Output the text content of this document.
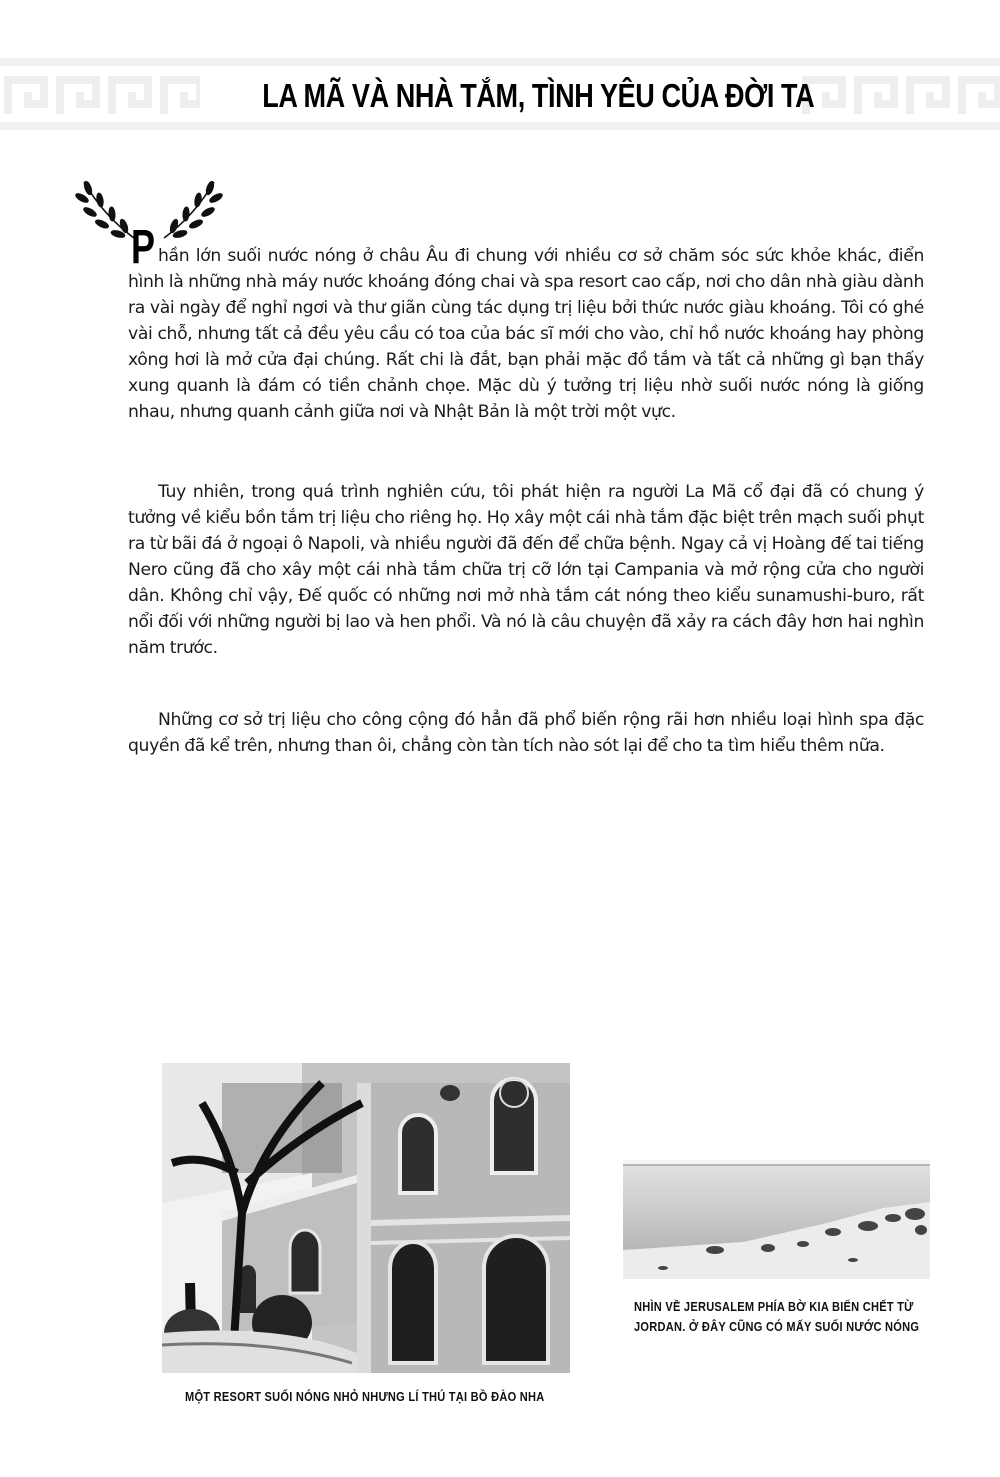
LA MÃ VÀ NHÀ TẮM, TÌNH YÊU CỦA ĐỜI TA
P hần lớn suối nước nóng ở châu Âu đi chung với nhiều cơ sở chăm sóc sức khỏe khác, điển hình là những nhà máy nước khoáng đóng chai và spa resort cao cấp, nơi cho dân nhà giàu dành ra vài ngày để nghỉ ngơi và thư giãn cùng tác dụng trị liệu bởi thức nước giàu khoáng. Tôi có ghé vài chỗ, nhưng tất cả đều yêu cầu có toa của bác sĩ mới cho vào, chỉ hồ nước khoáng hay phòng xông hơi là mở cửa đại chúng. Rất chi là đắt, bạn phải mặc đồ tắm và tất cả những gì bạn thấy xung quanh là đám có tiền chảnh chọe. Mặc dù ý tưởng trị liệu nhờ suối nước nóng là giống nhau, nhưng quanh cảnh giữa nơi và Nhật Bản là một trời một vực.

Tuy nhiên, trong quá trình nghiên cứu, tôi phát hiện ra người La Mã cổ đại đã có chung ý tưởng về kiểu bồn tắm trị liệu cho riêng họ. Họ xây một cái nhà tắm đặc biệt trên mạch suối phụt ra từ bãi đá ở ngoại ô Napoli, và nhiều người đã đến để chữa bệnh. Ngay cả vị Hoàng đế tai tiếng Nero cũng đã cho xây một cái nhà tắm chữa trị cỡ lớn tại Campania và mở rộng cửa cho người dân. Không chỉ vậy, Đế quốc có những nơi mở nhà tắm cát nóng theo kiểu sunamushi-buro, rất nổi đối với những người bị lao và hen phổi. Và nó là câu chuyện đã xảy ra cách đây hơn hai nghìn năm trước.

Những cơ sở trị liệu cho công cộng đó hẳn đã phổ biến rộng rãi hơn nhiều loại hình spa đặc quyền đã kể trên, nhưng than ôi, chẳng còn tàn tích nào sót lại để cho ta tìm hiểu thêm nữa.

MỘT RESORT SUỐI NÓNG NHỎ NHƯNG LÍ THÚ TẠI BỒ ĐÀO NHA

NHÌN VỀ JERUSALEM PHÍA BỜ KIA BIỂN CHẾT TỪ
JORDAN. Ở ĐÂY CŨNG CÓ MẤY SUỐI NƯỚC NÓNG
